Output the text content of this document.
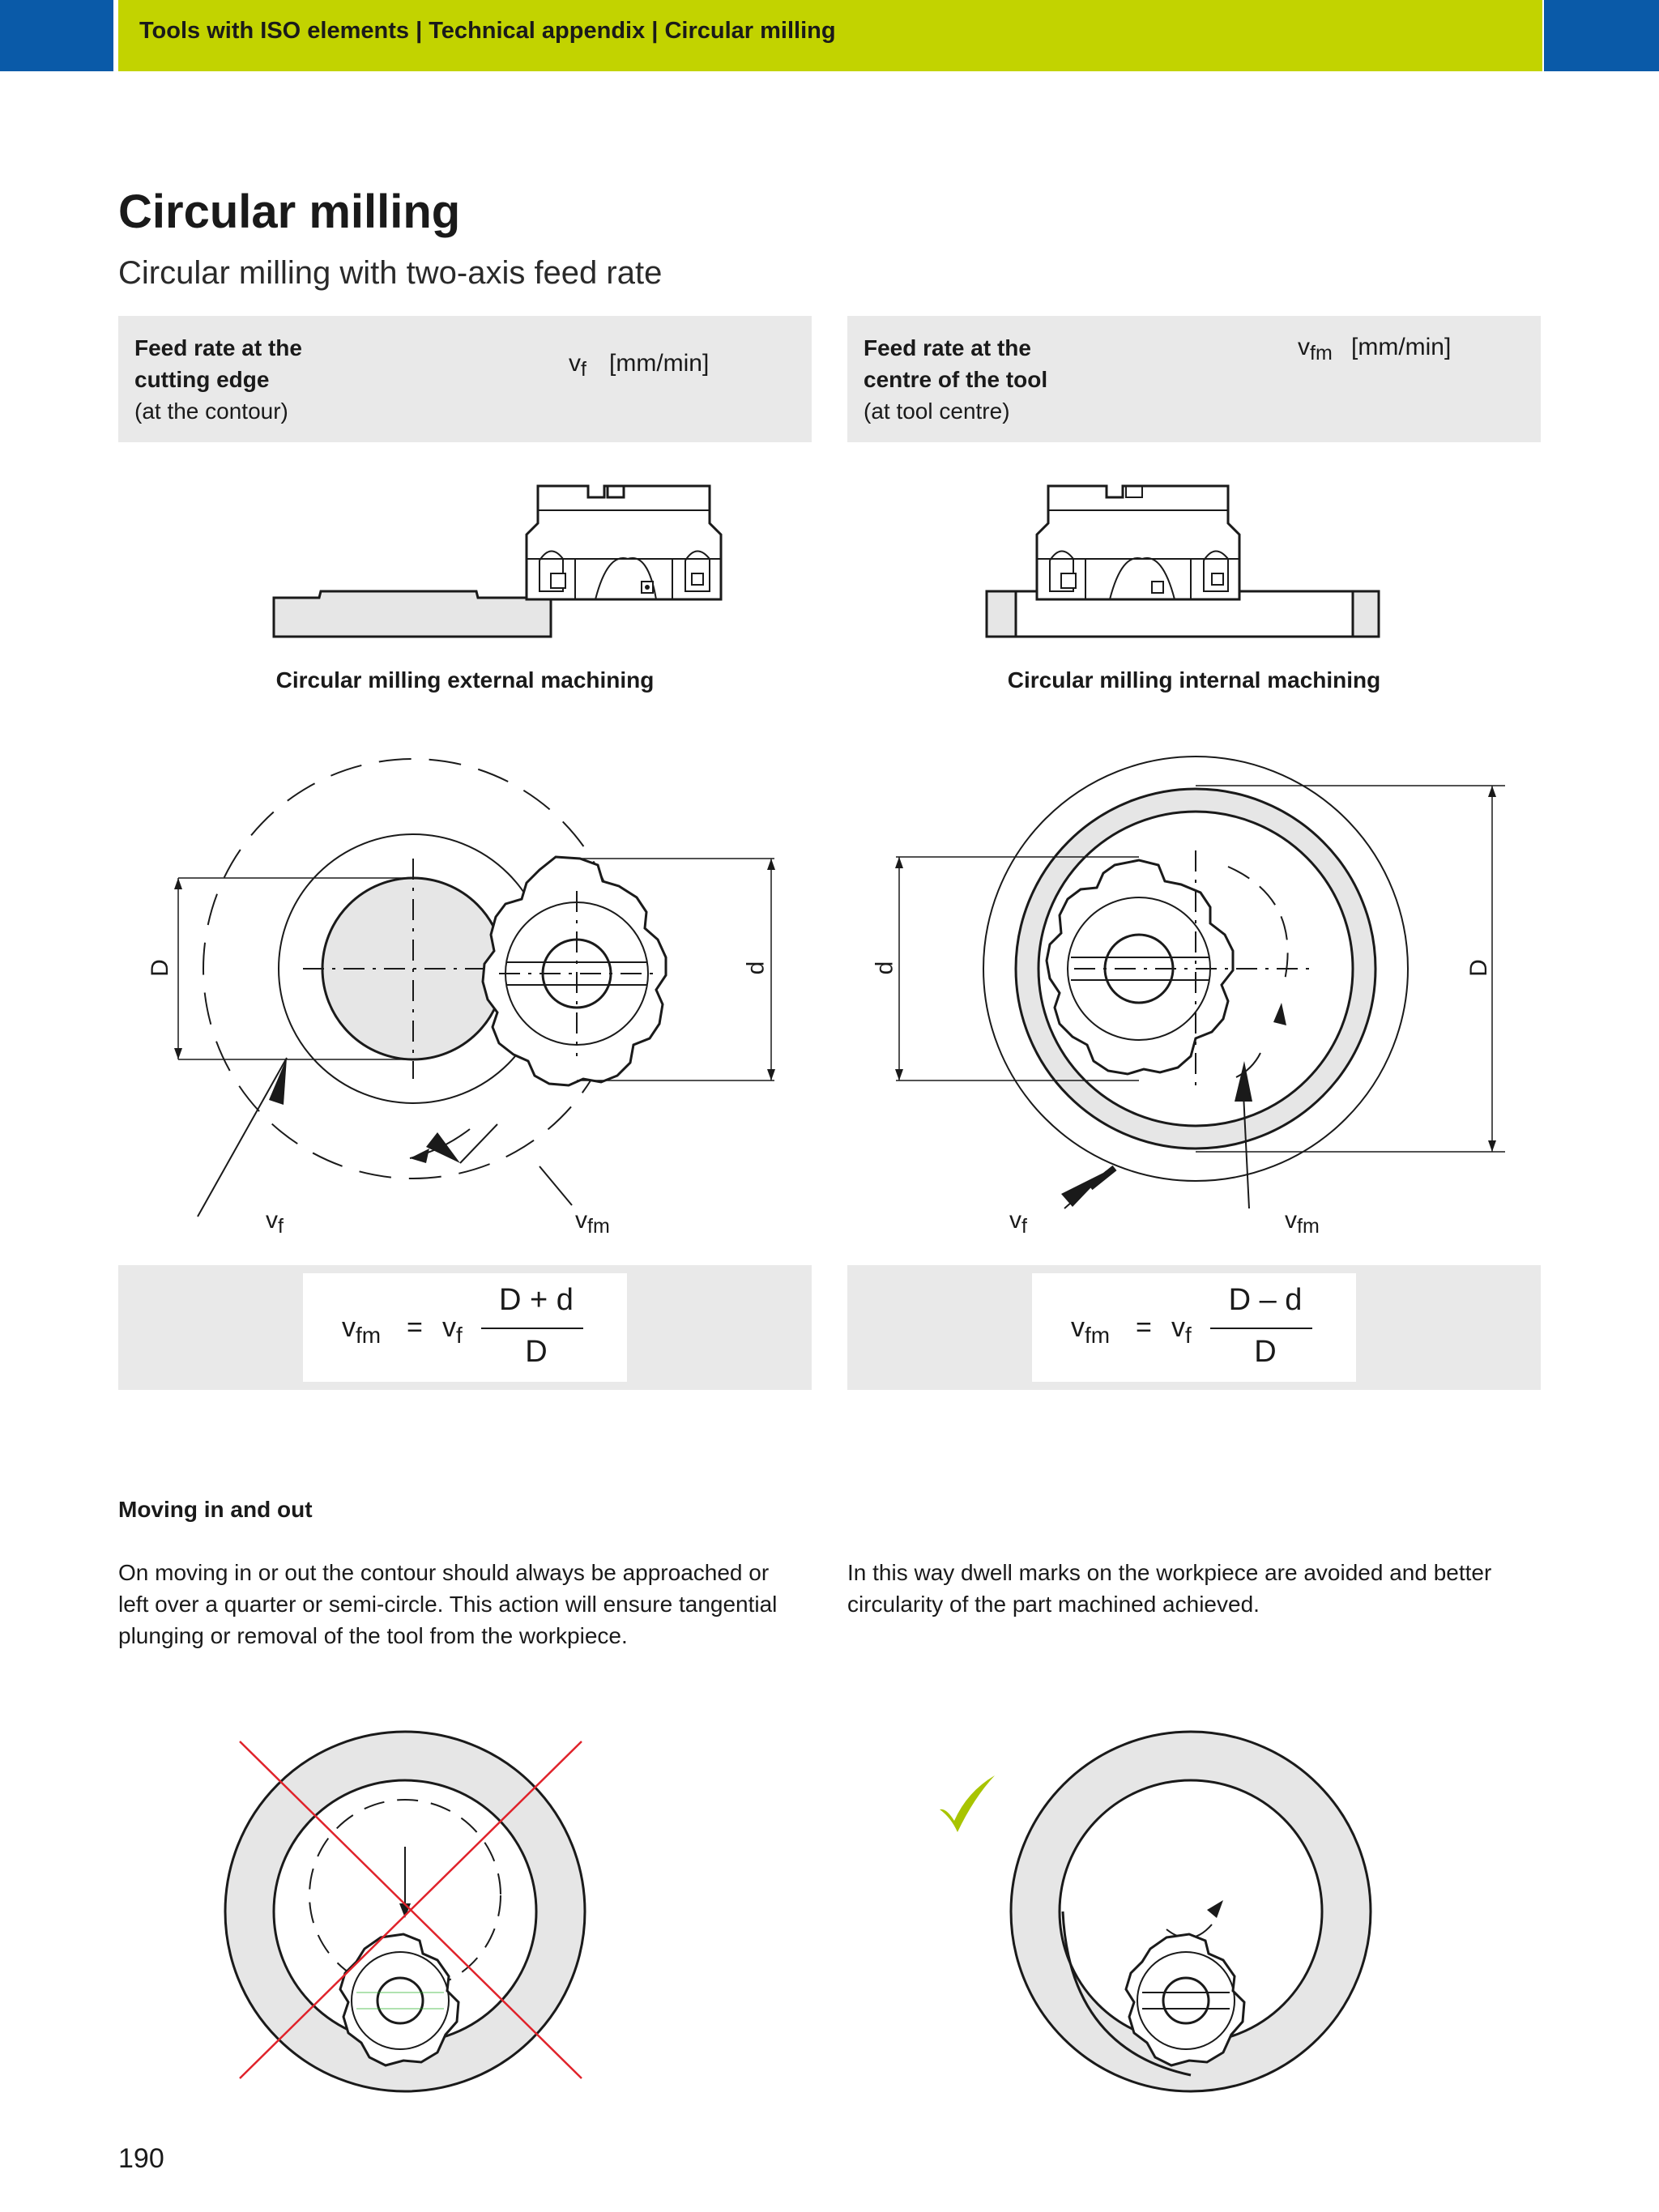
Tools with ISO elements | Technical appendix | Circular milling
Circular milling
Circular milling with two-axis feed rate
Feed rate at the
cutting edge
(at the contour)
$v_f$ [mm/min]
Feed rate at the
centre of the tool
(at tool centre)
$v_{fm}$ [mm/min]
Circular milling external machining	Circular milling internal machining
D	d
$v_f$	$v_{fm}$
d	D
$v_f$	$v_{fm}$
$v_{fm} = v_f$
D + d
D
$v_{fm} = v_f$
D – d
D
Moving in and out
On moving in or out the contour should always be approached or left over a quarter or semi-circle. This action will ensure tangential plunging or removal of the tool from the workpiece.
In this way dwell marks on the workpiece are avoided and better circularity of the part machined achieved.
190
